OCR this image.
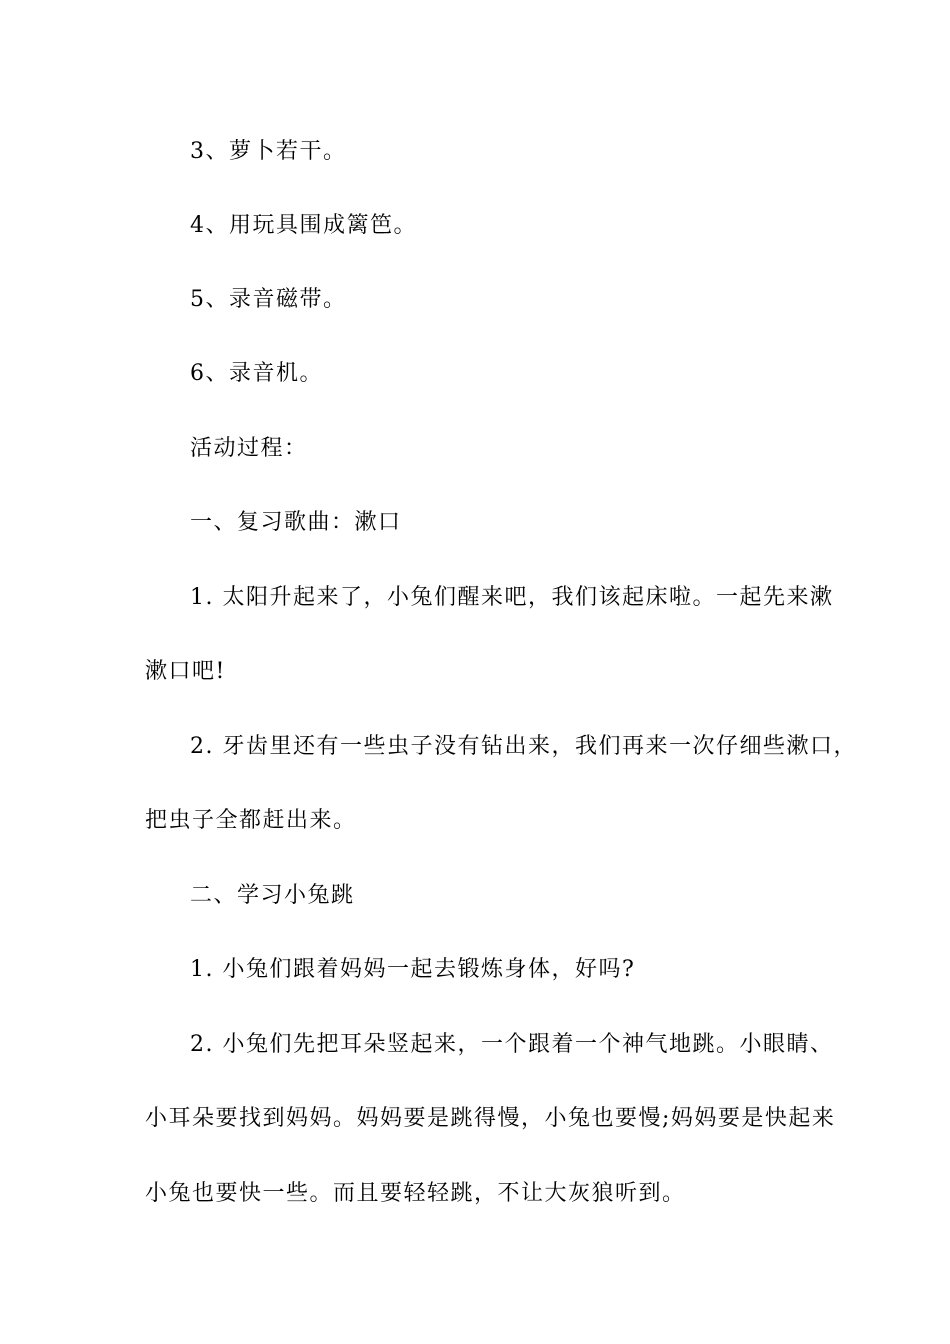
3、萝卜若干。
4、用玩具围成篱笆。
5、录音磁带。
6、录音机。
活动过程：
一、复习歌曲：漱口
1. 太阳升起来了，小兔们醒来吧，我们该起床啦。一起先来漱
漱口吧!
2. 牙齿里还有一些虫子没有钻出来，我们再来一次仔细些漱口，
把虫子全都赶出来。
二、学习小兔跳
1. 小兔们跟着妈妈一起去锻炼身体，好吗?
2. 小兔们先把耳朵竖起来，一个跟着一个神气地跳。小眼睛、
小耳朵要找到妈妈。妈妈要是跳得慢，小兔也要慢;妈妈要是快起来
小兔也要快一些。而且要轻轻跳，不让大灰狼听到。
